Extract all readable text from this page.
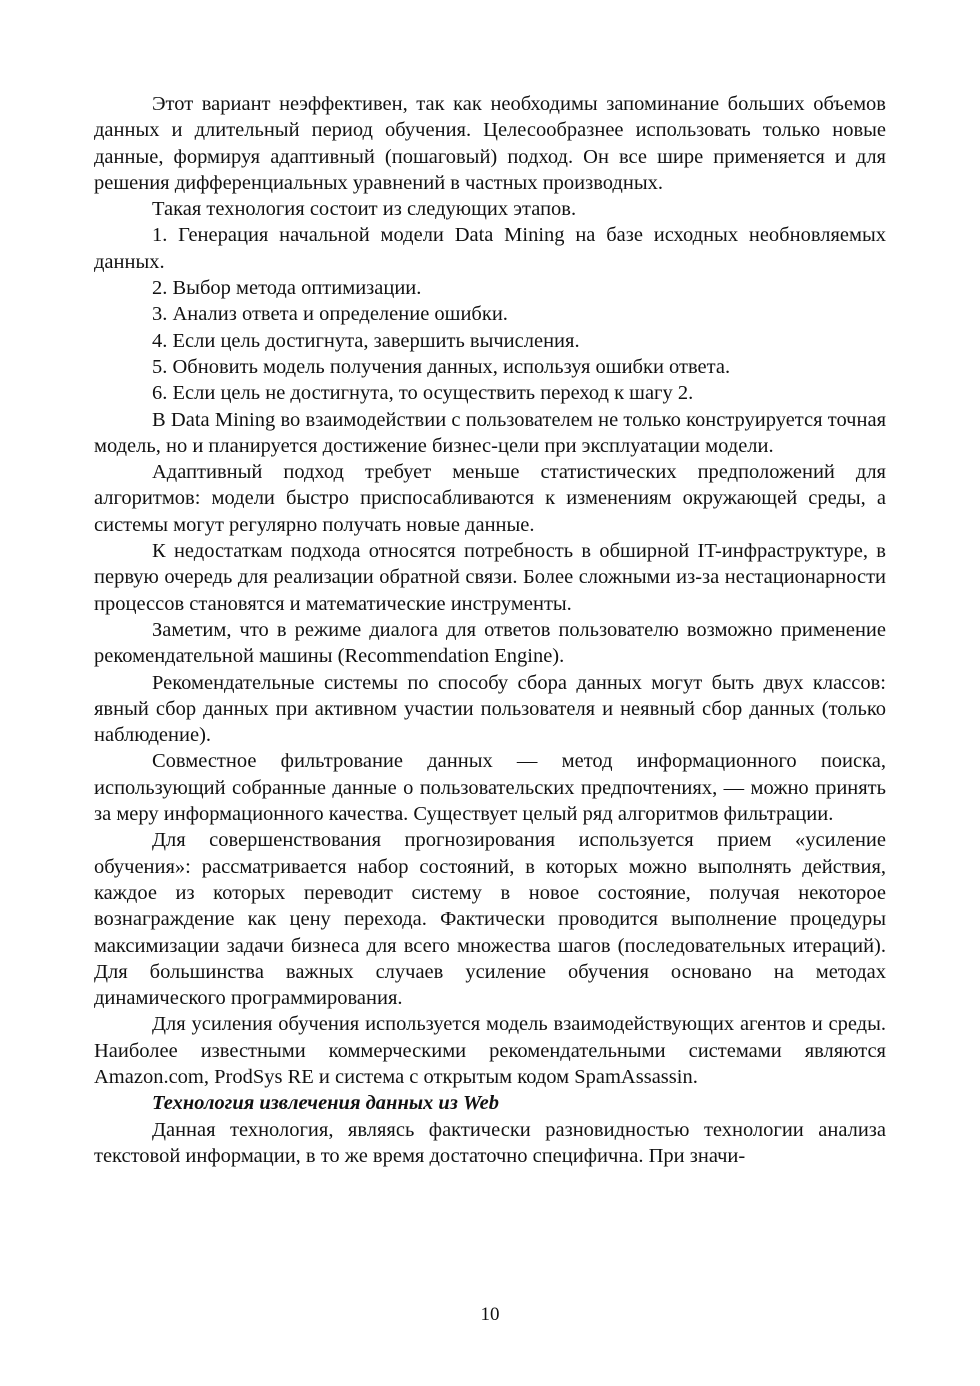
Этот вариант неэффективен, так как необходимы запоминание больших объемов данных и длительный период обучения. Целесообразнее использовать только новые данные, формируя адаптивный (пошаговый) подход. Он все шире применяется и для решения дифференциальных уравнений в частных производных.

Такая технология состоит из следующих этапов.

1. Генерация начальной модели Data Mining на базе исходных необновляемых данных.

2. Выбор метода оптимизации.

3. Анализ ответа и определение ошибки.

4. Если цель достигнута, завершить вычисления.

5. Обновить модель получения данных, используя ошибки ответа.

6. Если цель не достигнута, то осуществить переход к шагу 2.

В Data Mining во взаимодействии с пользователем не только конструируется точная модель, но и планируется достижение бизнес-цели при эксплуатации модели.

Адаптивный подход требует меньше статистических предположений для алгоритмов: модели быстро приспосабливаются к изменениям окружающей среды, а системы могут регулярно получать новые данные.

К недостаткам подхода относятся потребность в обширной IT-инфраструктуре, в первую очередь для реализации обратной связи. Более сложными из-за нестационарности процессов становятся и математические инструменты.

Заметим, что в режиме диалога для ответов пользователю возможно применение рекомендательной машины (Recommendation Engine).

Рекомендательные системы по способу сбора данных могут быть двух классов: явный сбор данных при активном участии пользователя и неявный сбор данных (только наблюдение).

Совместное фильтрование данных — метод информационного поиска, использующий собранные данные о пользовательских предпочтениях, — можно принять за меру информационного качества. Существует целый ряд алгоритмов фильтрации.

Для совершенствования прогнозирования используется прием «усиление обучения»: рассматривается набор состояний, в которых можно выполнять действия, каждое из которых переводит систему в новое состояние, получая некоторое вознаграждение как цену перехода. Фактически проводится выполнение процедуры максимизации задачи бизнеса для всего множества шагов (последовательных итераций). Для большинства важных случаев усиление обучения основано на методах динамического программирования.

Для усиления обучения используется модель взаимодействующих агентов и среды. Наиболее известными коммерческими рекомендательными системами являются Amazon.com, ProdSys RE и система с открытым кодом SpamAssassin.

Технология извлечения данных из Web

Данная технология, являясь фактически разновидностью технологии анализа текстовой информации, в то же время достаточно специфична. При значи-

10
